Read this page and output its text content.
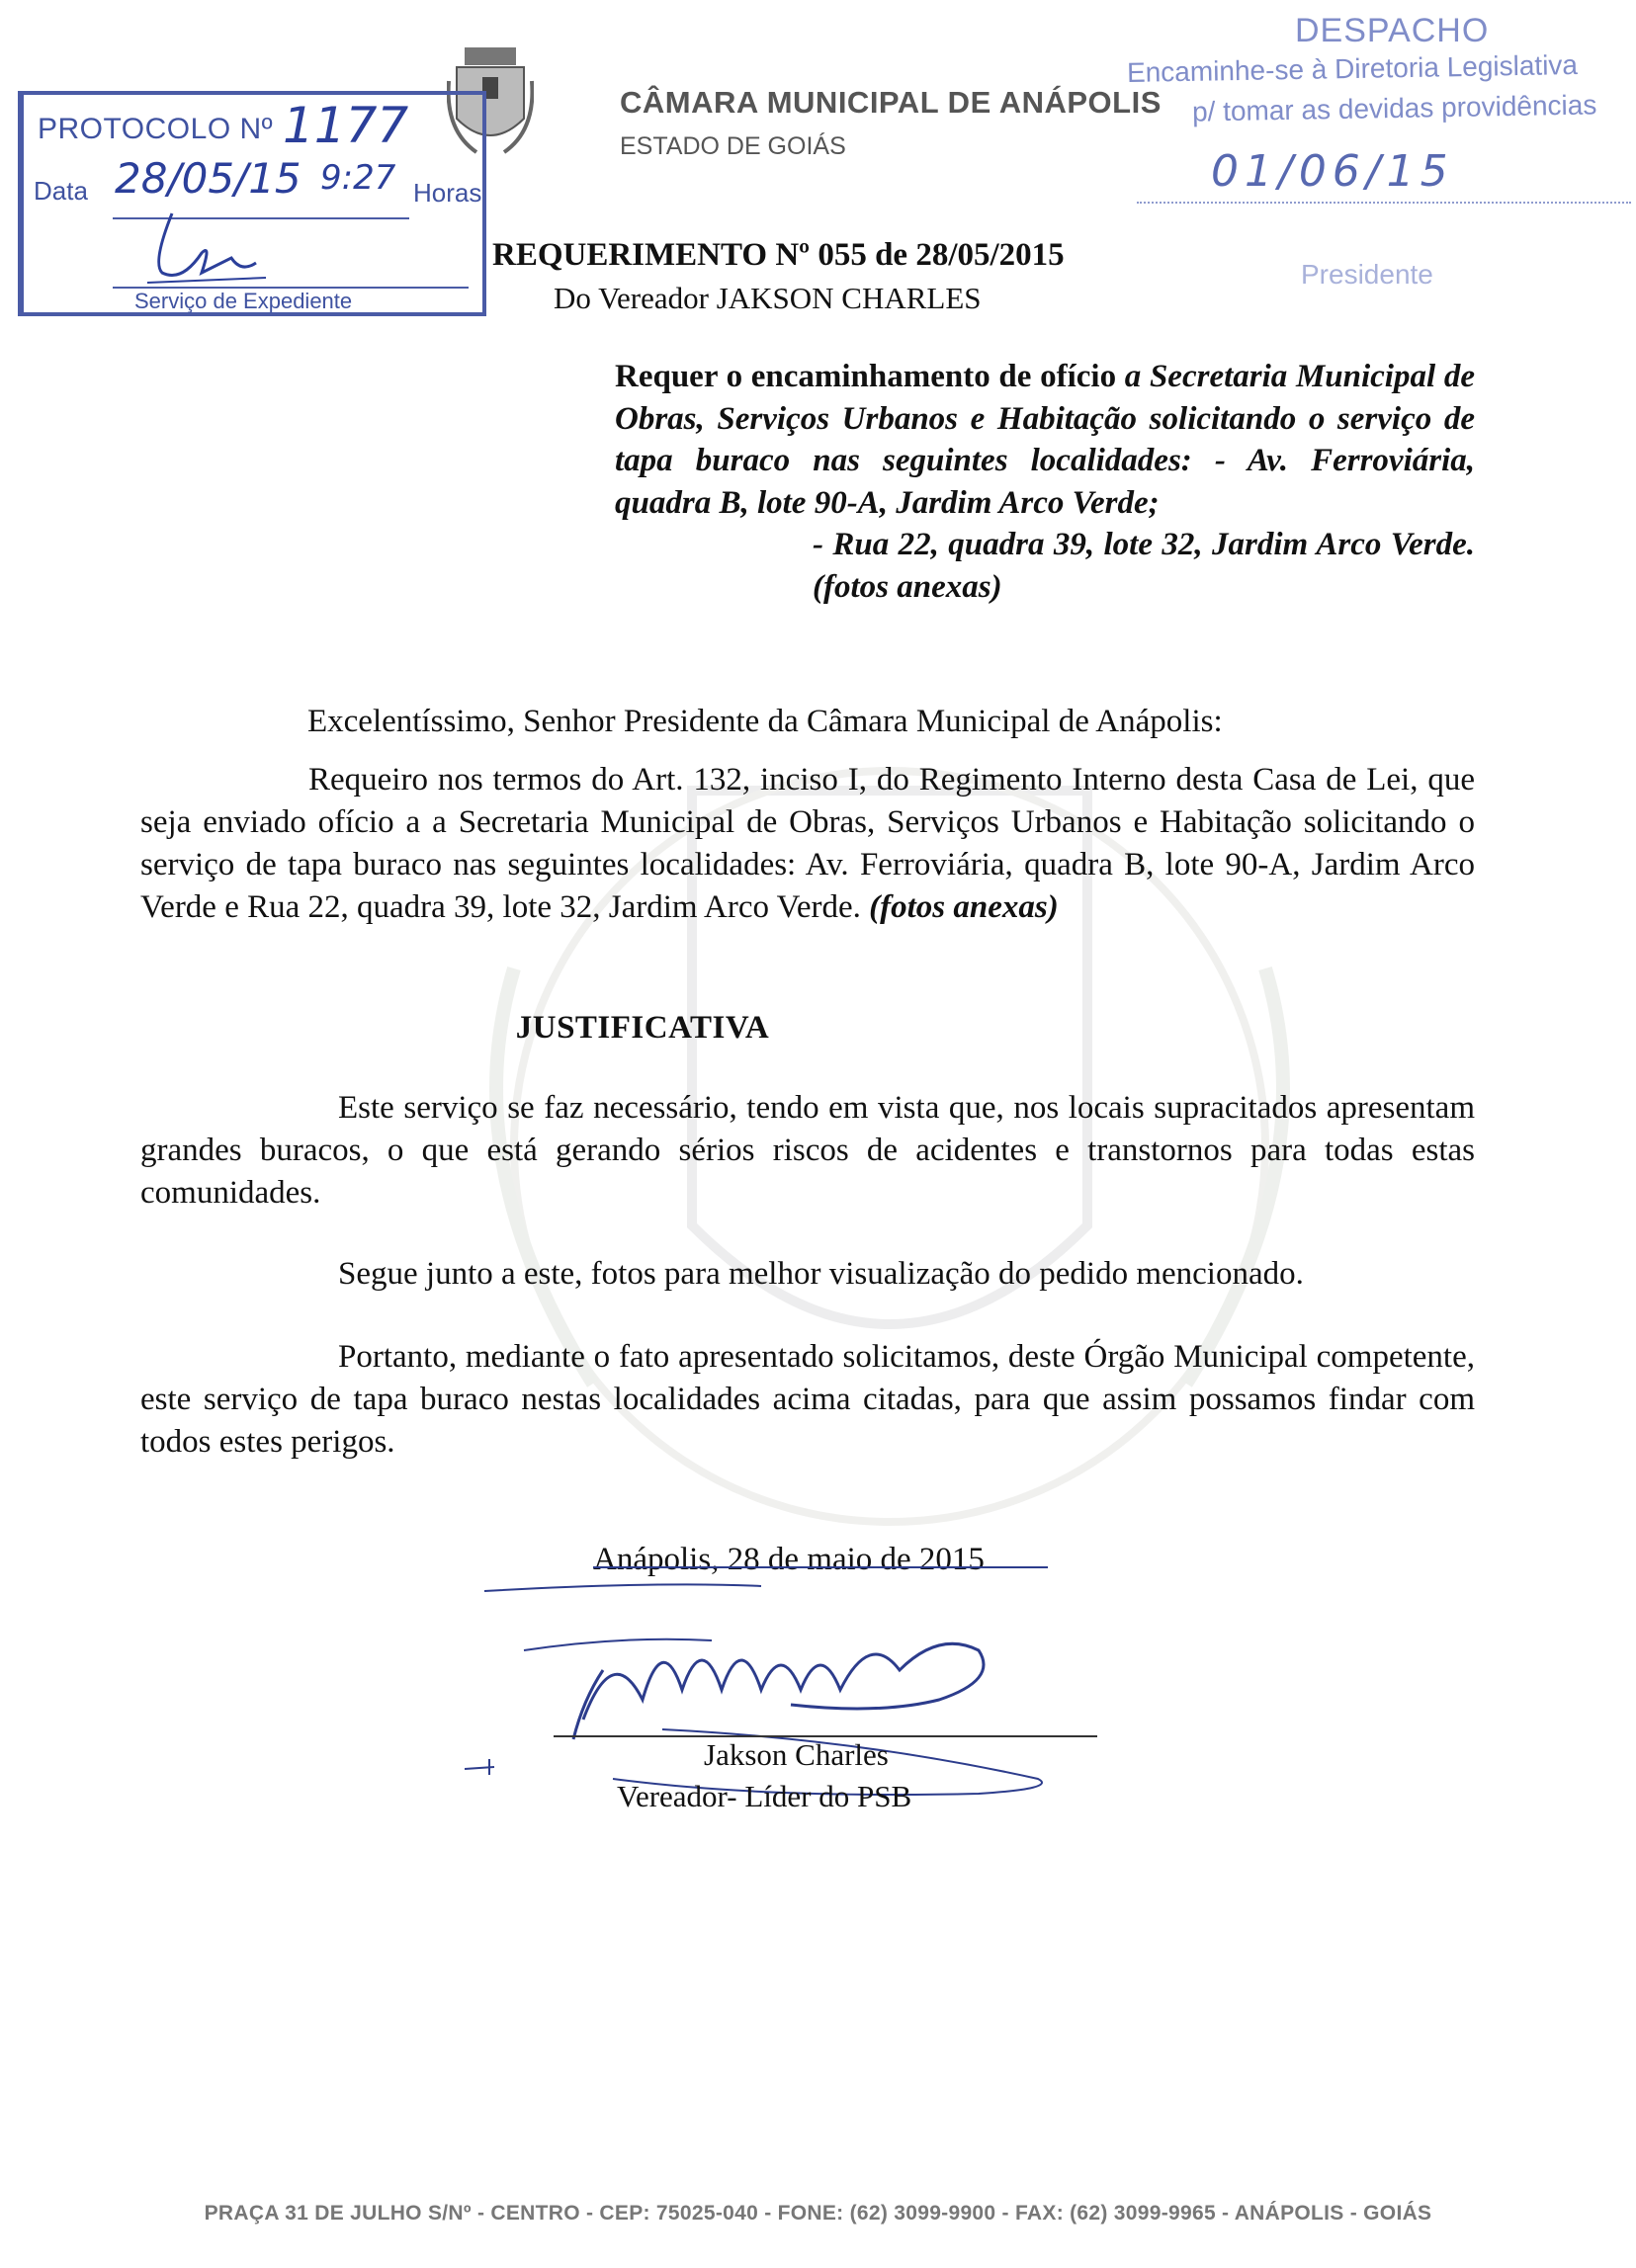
CÂMARA MUNICIPAL DE ANÁPOLIS
ESTADO DE GOIÁS
PROTOCOLO Nº 1177
Data 28/05/15 9:27 Horas
Serviço de Expediente
DESPACHO
Encaminhe-se à Diretoria Legislativa
p/ tomar as devidas providências
01/06/15
Presidente
REQUERIMENTO Nº 055 de 28/05/2015
Do Vereador JAKSON CHARLES
Requer o encaminhamento de ofício a Secretaria Municipal de Obras, Serviços Urbanos e Habitação solicitando o serviço de tapa buraco nas seguintes localidades: - Av. Ferroviária, quadra B, lote 90-A, Jardim Arco Verde;
- Rua 22, quadra 39, lote 32, Jardim Arco Verde. (fotos anexas)
Excelentíssimo, Senhor Presidente da Câmara Municipal de Anápolis:
Requeiro nos termos do Art. 132, inciso I, do Regimento Interno desta Casa de Lei, que seja enviado ofício a a Secretaria Municipal de Obras, Serviços Urbanos e Habitação solicitando o serviço de tapa buraco nas seguintes localidades: Av. Ferroviária, quadra B, lote 90-A, Jardim Arco Verde e Rua 22, quadra 39, lote 32, Jardim Arco Verde. (fotos anexas)
JUSTIFICATIVA
Este serviço se faz necessário, tendo em vista que, nos locais supracitados apresentam grandes buracos, o que está gerando sérios riscos de acidentes e transtornos para todas estas comunidades.
Segue junto a este, fotos para melhor visualização do pedido mencionado.
Portanto, mediante o fato apresentado solicitamos, deste Órgão Municipal competente, este serviço de tapa buraco nestas localidades acima citadas, para que assim possamos findar com todos estes perigos.
Anápolis, 28 de maio de 2015
Jakson Charles
Vereador- Líder do PSB
PRAÇA 31 DE JULHO S/Nº - CENTRO - CEP: 75025-040 - FONE: (62) 3099-9900 - FAX: (62) 3099-9965 - ANÁPOLIS - GOIÁS
